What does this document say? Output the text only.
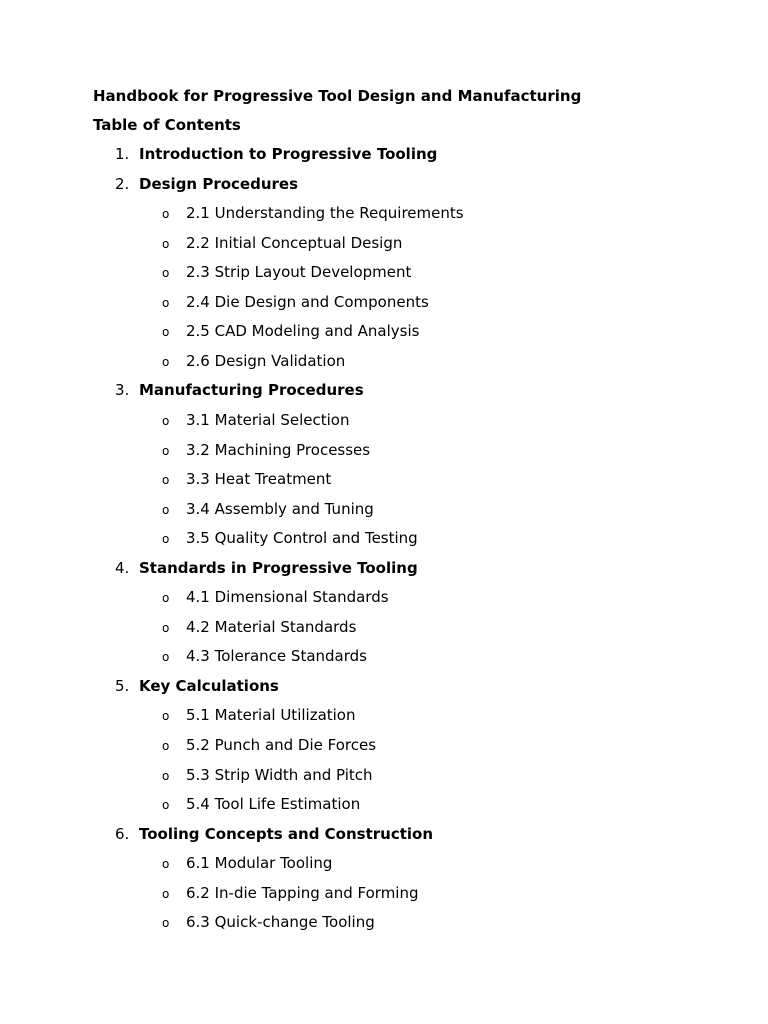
Handbook for Progressive Tool Design and Manufacturing
Table of Contents
1. Introduction to Progressive Tooling
2. Design Procedures
o 2.1 Understanding the Requirements
o 2.2 Initial Conceptual Design
o 2.3 Strip Layout Development
o 2.4 Die Design and Components
o 2.5 CAD Modeling and Analysis
o 2.6 Design Validation
3. Manufacturing Procedures
o 3.1 Material Selection
o 3.2 Machining Processes
o 3.3 Heat Treatment
o 3.4 Assembly and Tuning
o 3.5 Quality Control and Testing
4. Standards in Progressive Tooling
o 4.1 Dimensional Standards
o 4.2 Material Standards
o 4.3 Tolerance Standards
5. Key Calculations
o 5.1 Material Utilization
o 5.2 Punch and Die Forces
o 5.3 Strip Width and Pitch
o 5.4 Tool Life Estimation
6. Tooling Concepts and Construction
o 6.1 Modular Tooling
o 6.2 In-die Tapping and Forming
o 6.3 Quick-change Tooling
